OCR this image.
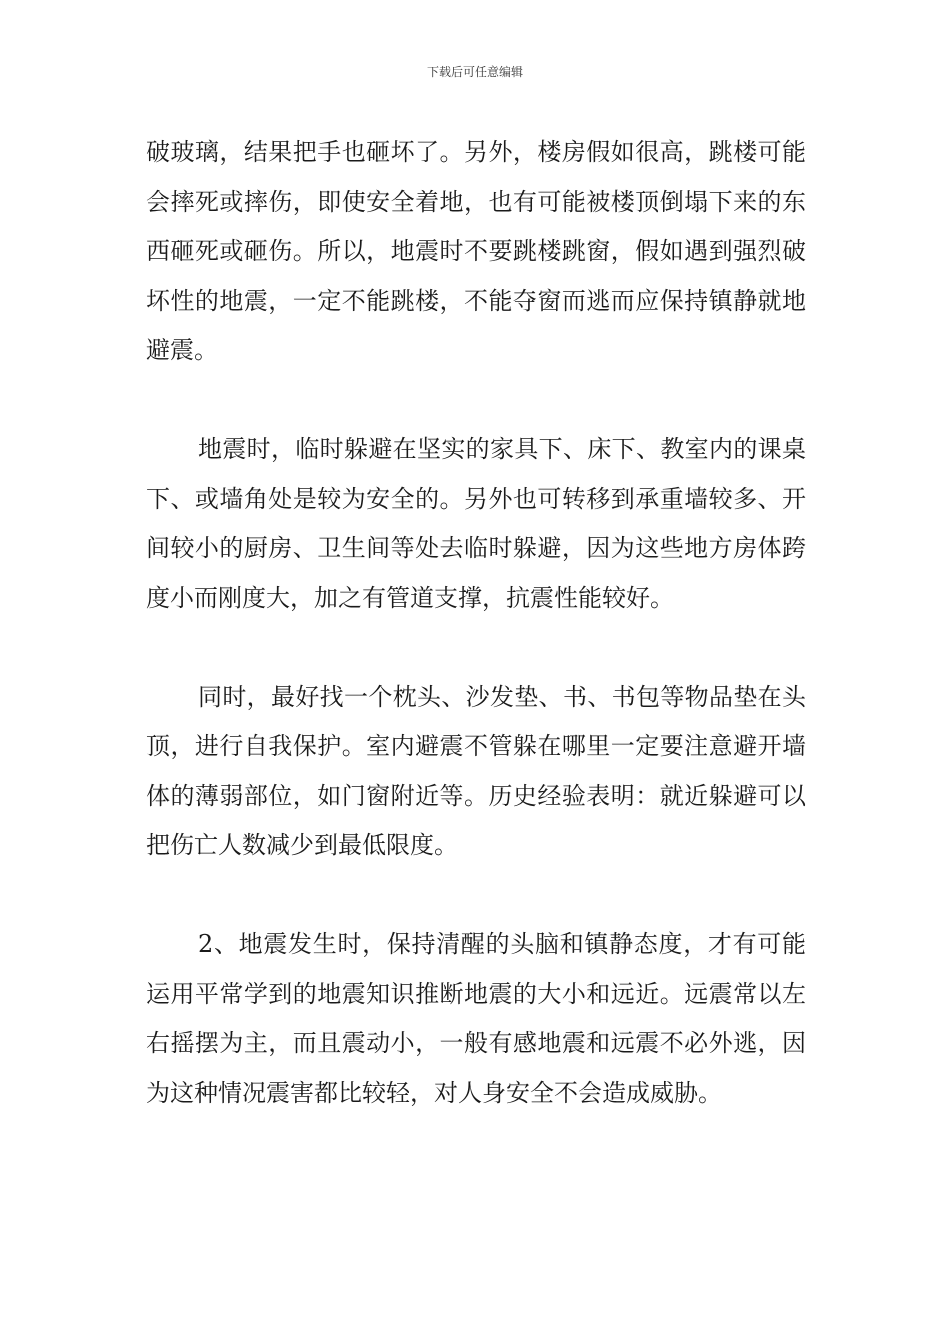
下载后可任意编辑

破玻璃，结果把手也砸坏了。另外，楼房假如很高，跳楼可能会摔死或摔伤，即使安全着地，也有可能被楼顶倒塌下来的东西砸死或砸伤。所以，地震时不要跳楼跳窗，假如遇到强烈破坏性的地震，一定不能跳楼，不能夺窗而逃而应保持镇静就地避震。

地震时，临时躲避在坚实的家具下、床下、教室内的课桌下、或墙角处是较为安全的。另外也可转移到承重墙较多、开间较小的厨房、卫生间等处去临时躲避，因为这些地方房体跨度小而刚度大，加之有管道支撑，抗震性能较好。

同时，最好找一个枕头、沙发垫、书、书包等物品垫在头顶，进行自我保护。室内避震不管躲在哪里一定要注意避开墙体的薄弱部位，如门窗附近等。历史经验表明：就近躲避可以把伤亡人数减少到最低限度。

2、地震发生时，保持清醒的头脑和镇静态度，才有可能运用平常学到的地震知识推断地震的大小和远近。远震常以左右摇摆为主，而且震动小，一般有感地震和远震不必外逃，因为这种情况震害都比较轻，对人身安全不会造成威胁。
